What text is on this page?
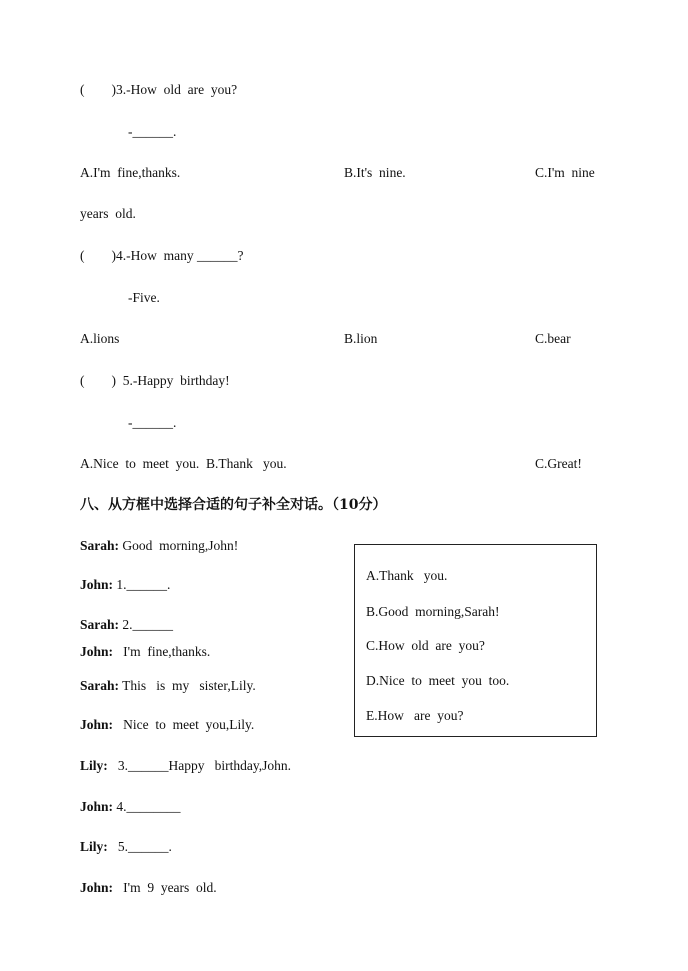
(        )3.-How  old  are  you?
-______.
A.I'm  fine,thanks.	B.It's  nine.	C.I'm  nine
years  old.
(        )4.-How  many ______?
-Five.
A.lions	B.lion	C.bear
(        )  5.-Happy  birthday!
-______.
A.Nice  to  meet  you.  B.Thank   you.	C.Great!
八、从方框中选择合适的句子补全对话。（10分）
Sarah: Good  morning,John!
John: 1.______.
Sarah: 2.______
John:   I'm  fine,thanks.
Sarah: This   is  my   sister,Lily.
John:   Nice  to  meet  you,Lily.
Lily:   3.______Happy   birthday,John.
John: 4.________
Lily:   5.______.
John:   I'm  9  years  old.
A.Thank   you.
B.Good  morning,Sarah!
C.How  old  are  you?
D.Nice  to  meet  you  too.
E.How   are  you?
